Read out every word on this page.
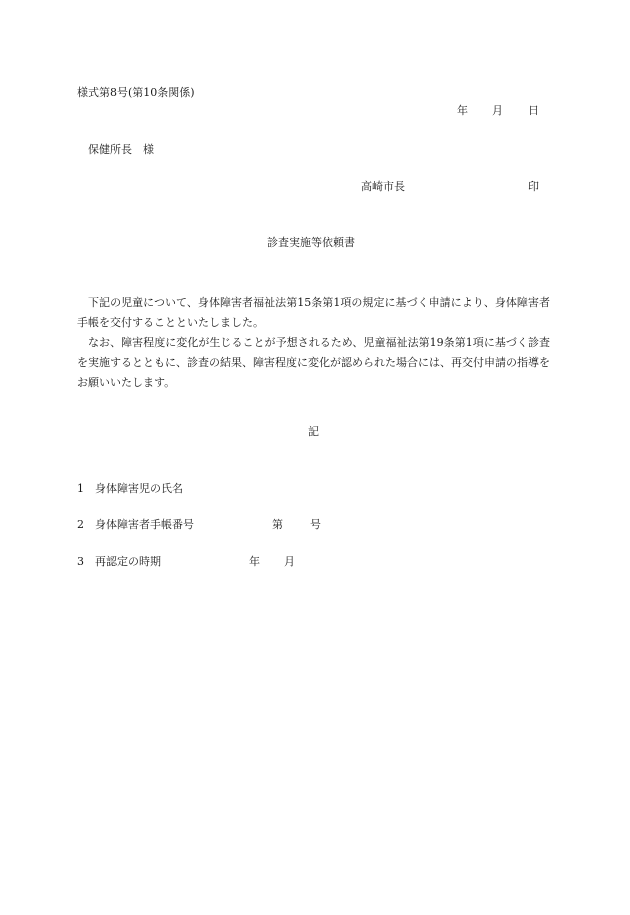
様式第8号(第10条関係)
年 月 日
保健所長　様
高崎市長	印
診査実施等依頼書

下記の児童について、身体障害者福祉法第15条第1項の規定に基づく申請により、身体障害者手帳を交付することといたしました。

なお、障害程度に変化が生じることが予想されるため、児童福祉法第19条第1項に基づく診査を実施するとともに、診査の結果、障害程度に変化が認められた場合には、再交付申請の指導をお願いいたします。

記
1 身体障害児の氏名
2 身体障害者手帳番号	第 号
3 再認定の時期	年 月
